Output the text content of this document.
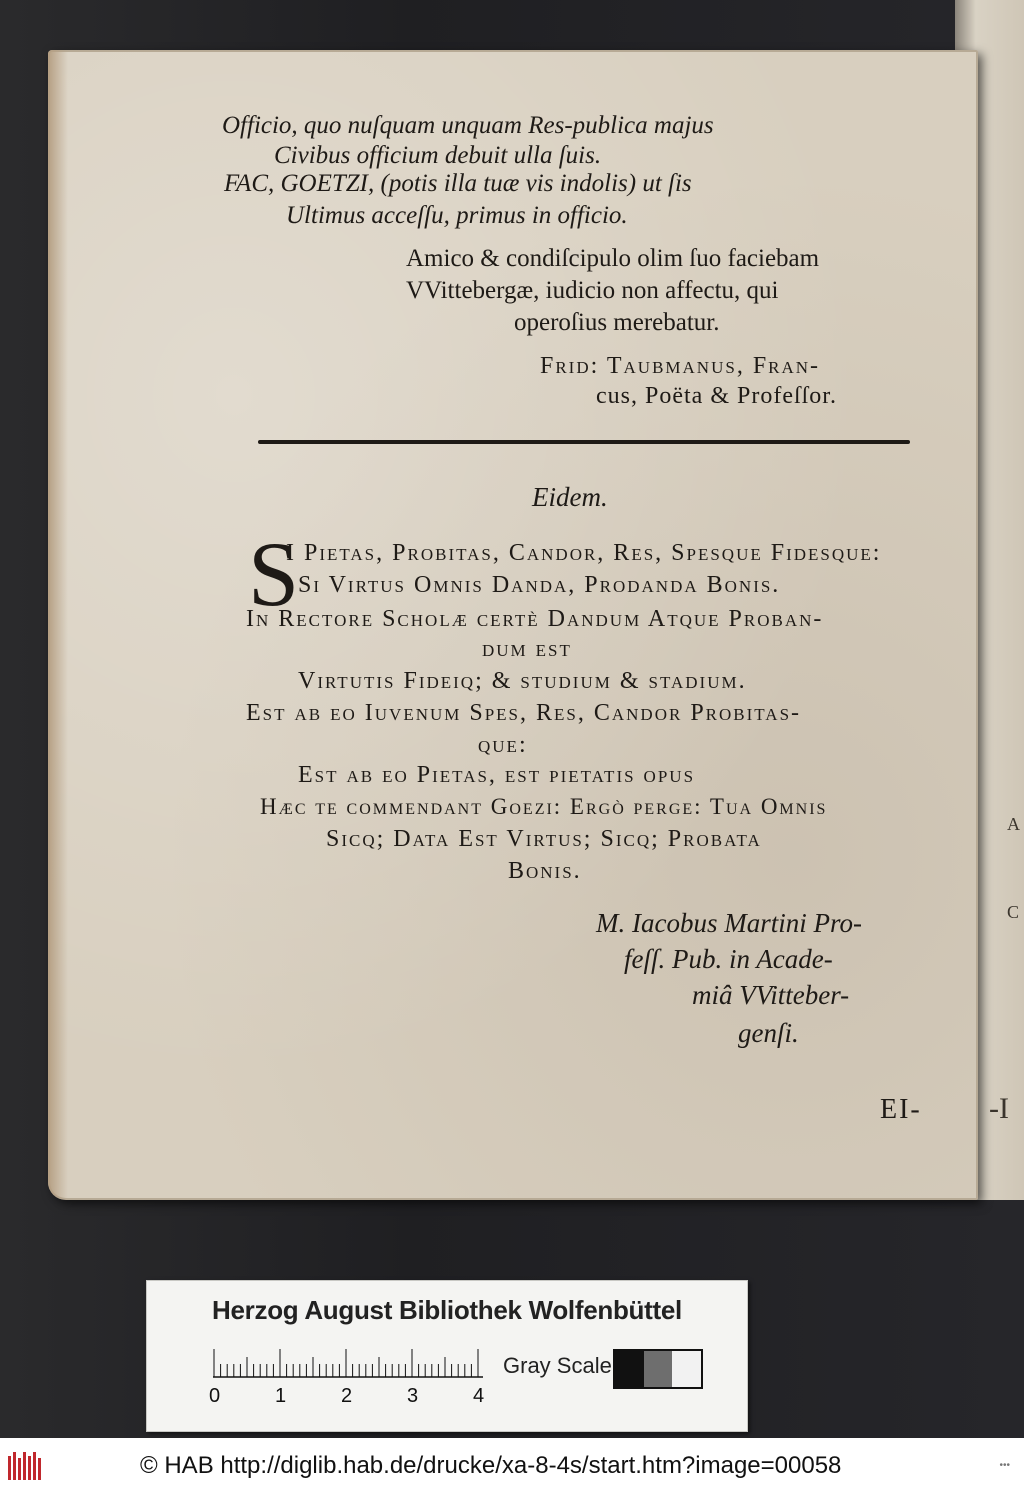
A
C
-I
Officio, quo nuſquam unquam Res-publica majus
Civibus officium debuit ulla ſuis.
FAC, GOETZI, (potis illa tuæ vis indolis) ut ſis
Ultimus acceſſu, primus in officio.
Amico & condiſcipulo olim ſuo faciebam
VVittebergæ, iudicio non affectu, qui
operoſius merebatur.
Frid: Taubmanus, Fran-
cus, Poëta & Profeſſor.
Eidem.
S
I Pietas, Probitas, Candor, Res, Spesque Fidesque:
Si Virtus Omnis Danda, Prodanda Bonis.
In Rectore Scholæ certè Dandum Atque Proban-
dum eſt
Virtutis Fideiq; & ſtudium & ſtadium.
Eſt ab eo Iuvenum Spes, Res, Candor Probitas-
que:
Eſt ab eo Pietas, eſt pietatis opus
Hæc te commendant Goezi: Ergò perge: Tua Omnis
Sicq; Data Est Virtus; Sicq; Probata
Bonis.
M. Iacobus Martini Pro-
feſſ. Pub. in Acade-
miâ VVitteber-
genſi.
EI-
Herzog August Bibliothek Wolfenbüttel
0	1	2	3	4
Gray Scale
© HAB http://diglib.hab.de/drucke/xa-8-4s/start.htm?image=00058	•••
